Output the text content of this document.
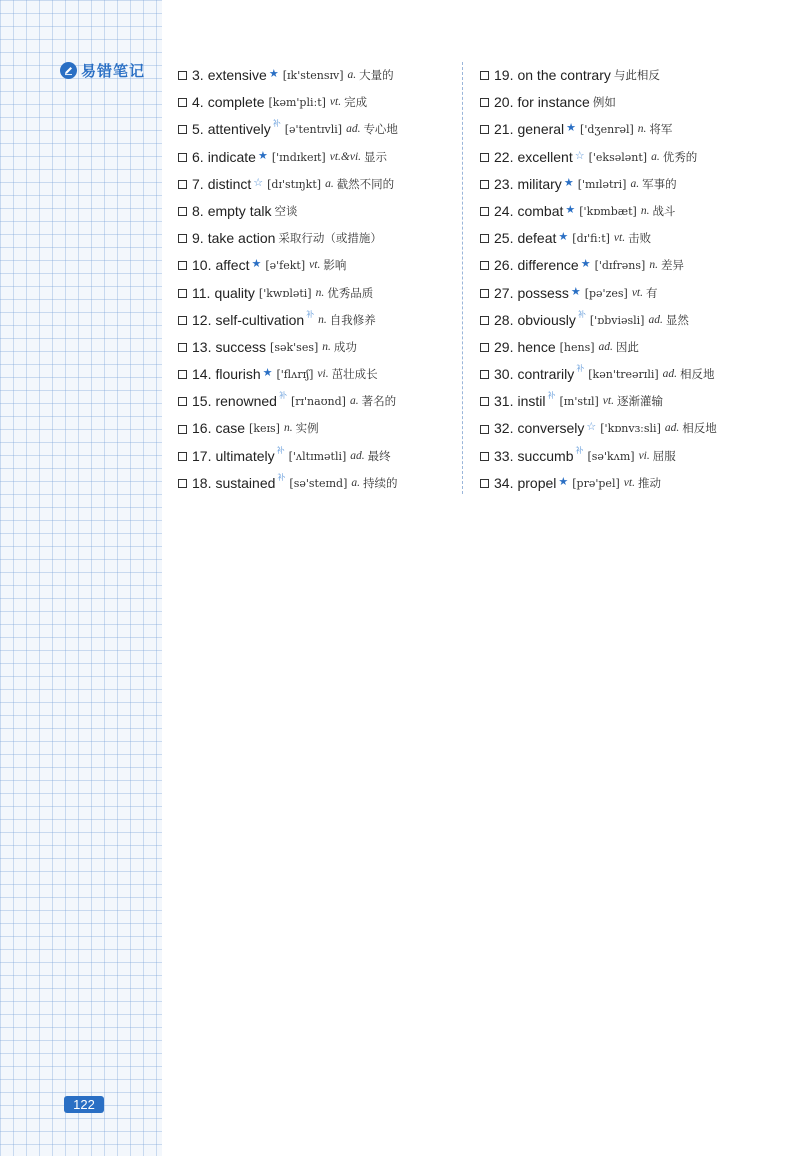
易错笔记	3. extensive ★ [ɪk'stensɪv] a. 大量的
4. complete [kəm'pliːt] vt. 完成
5. attentively 补 [ə'tentɪvli] ad. 专心地
6. indicate ★ ['ɪndɪkeɪt] vt.&vi. 显示
7. distinct ☆ [dɪ'stɪŋkt] a. 截然不同的
8. empty talk 空谈
9. take action 采取行动（或措施）
10. affect ★ [ə'fekt] vt. 影响
11. quality ['kwɒləti] n. 优秀品质
12. self-cultivation 补 n. 自我修养
13. success [sək'ses] n. 成功
14. flourish ★ ['flʌrɪʃ] vi. 茁壮成长
15. renowned 补 [rɪ'naʊnd] a. 著名的
16. case [keɪs] n. 实例
17. ultimately 补 ['ʌltɪmətli] ad. 最终
18. sustained 补 [sə'steɪnd] a. 持续的
19. on the contrary 与此相反
20. for instance 例如
21. general ★ ['dʒenrəl] n. 将军
22. excellent ☆ ['eksələnt] a. 优秀的
23. military ★ ['mɪlətri] a. 军事的
24. combat ★ ['kɒmbæt] n. 战斗
25. defeat ★ [dɪ'fiːt] vt. 击败
26. difference ★ ['dɪfrəns] n. 差异
27. possess ★ [pə'zes] vt. 有
28. obviously 补 ['ɒbviəsli] ad. 显然
29. hence [hens] ad. 因此
30. contrarily 补 [kən'treərɪli] ad. 相反地
31. instil 补 [ɪn'stɪl] vt. 逐渐灌输
32. conversely ☆ ['kɒnvɜːsli] ad. 相反地
33. succumb 补 [sə'kʌm] vi. 屈服
34. propel ★ [prə'pel] vt. 推动
122
